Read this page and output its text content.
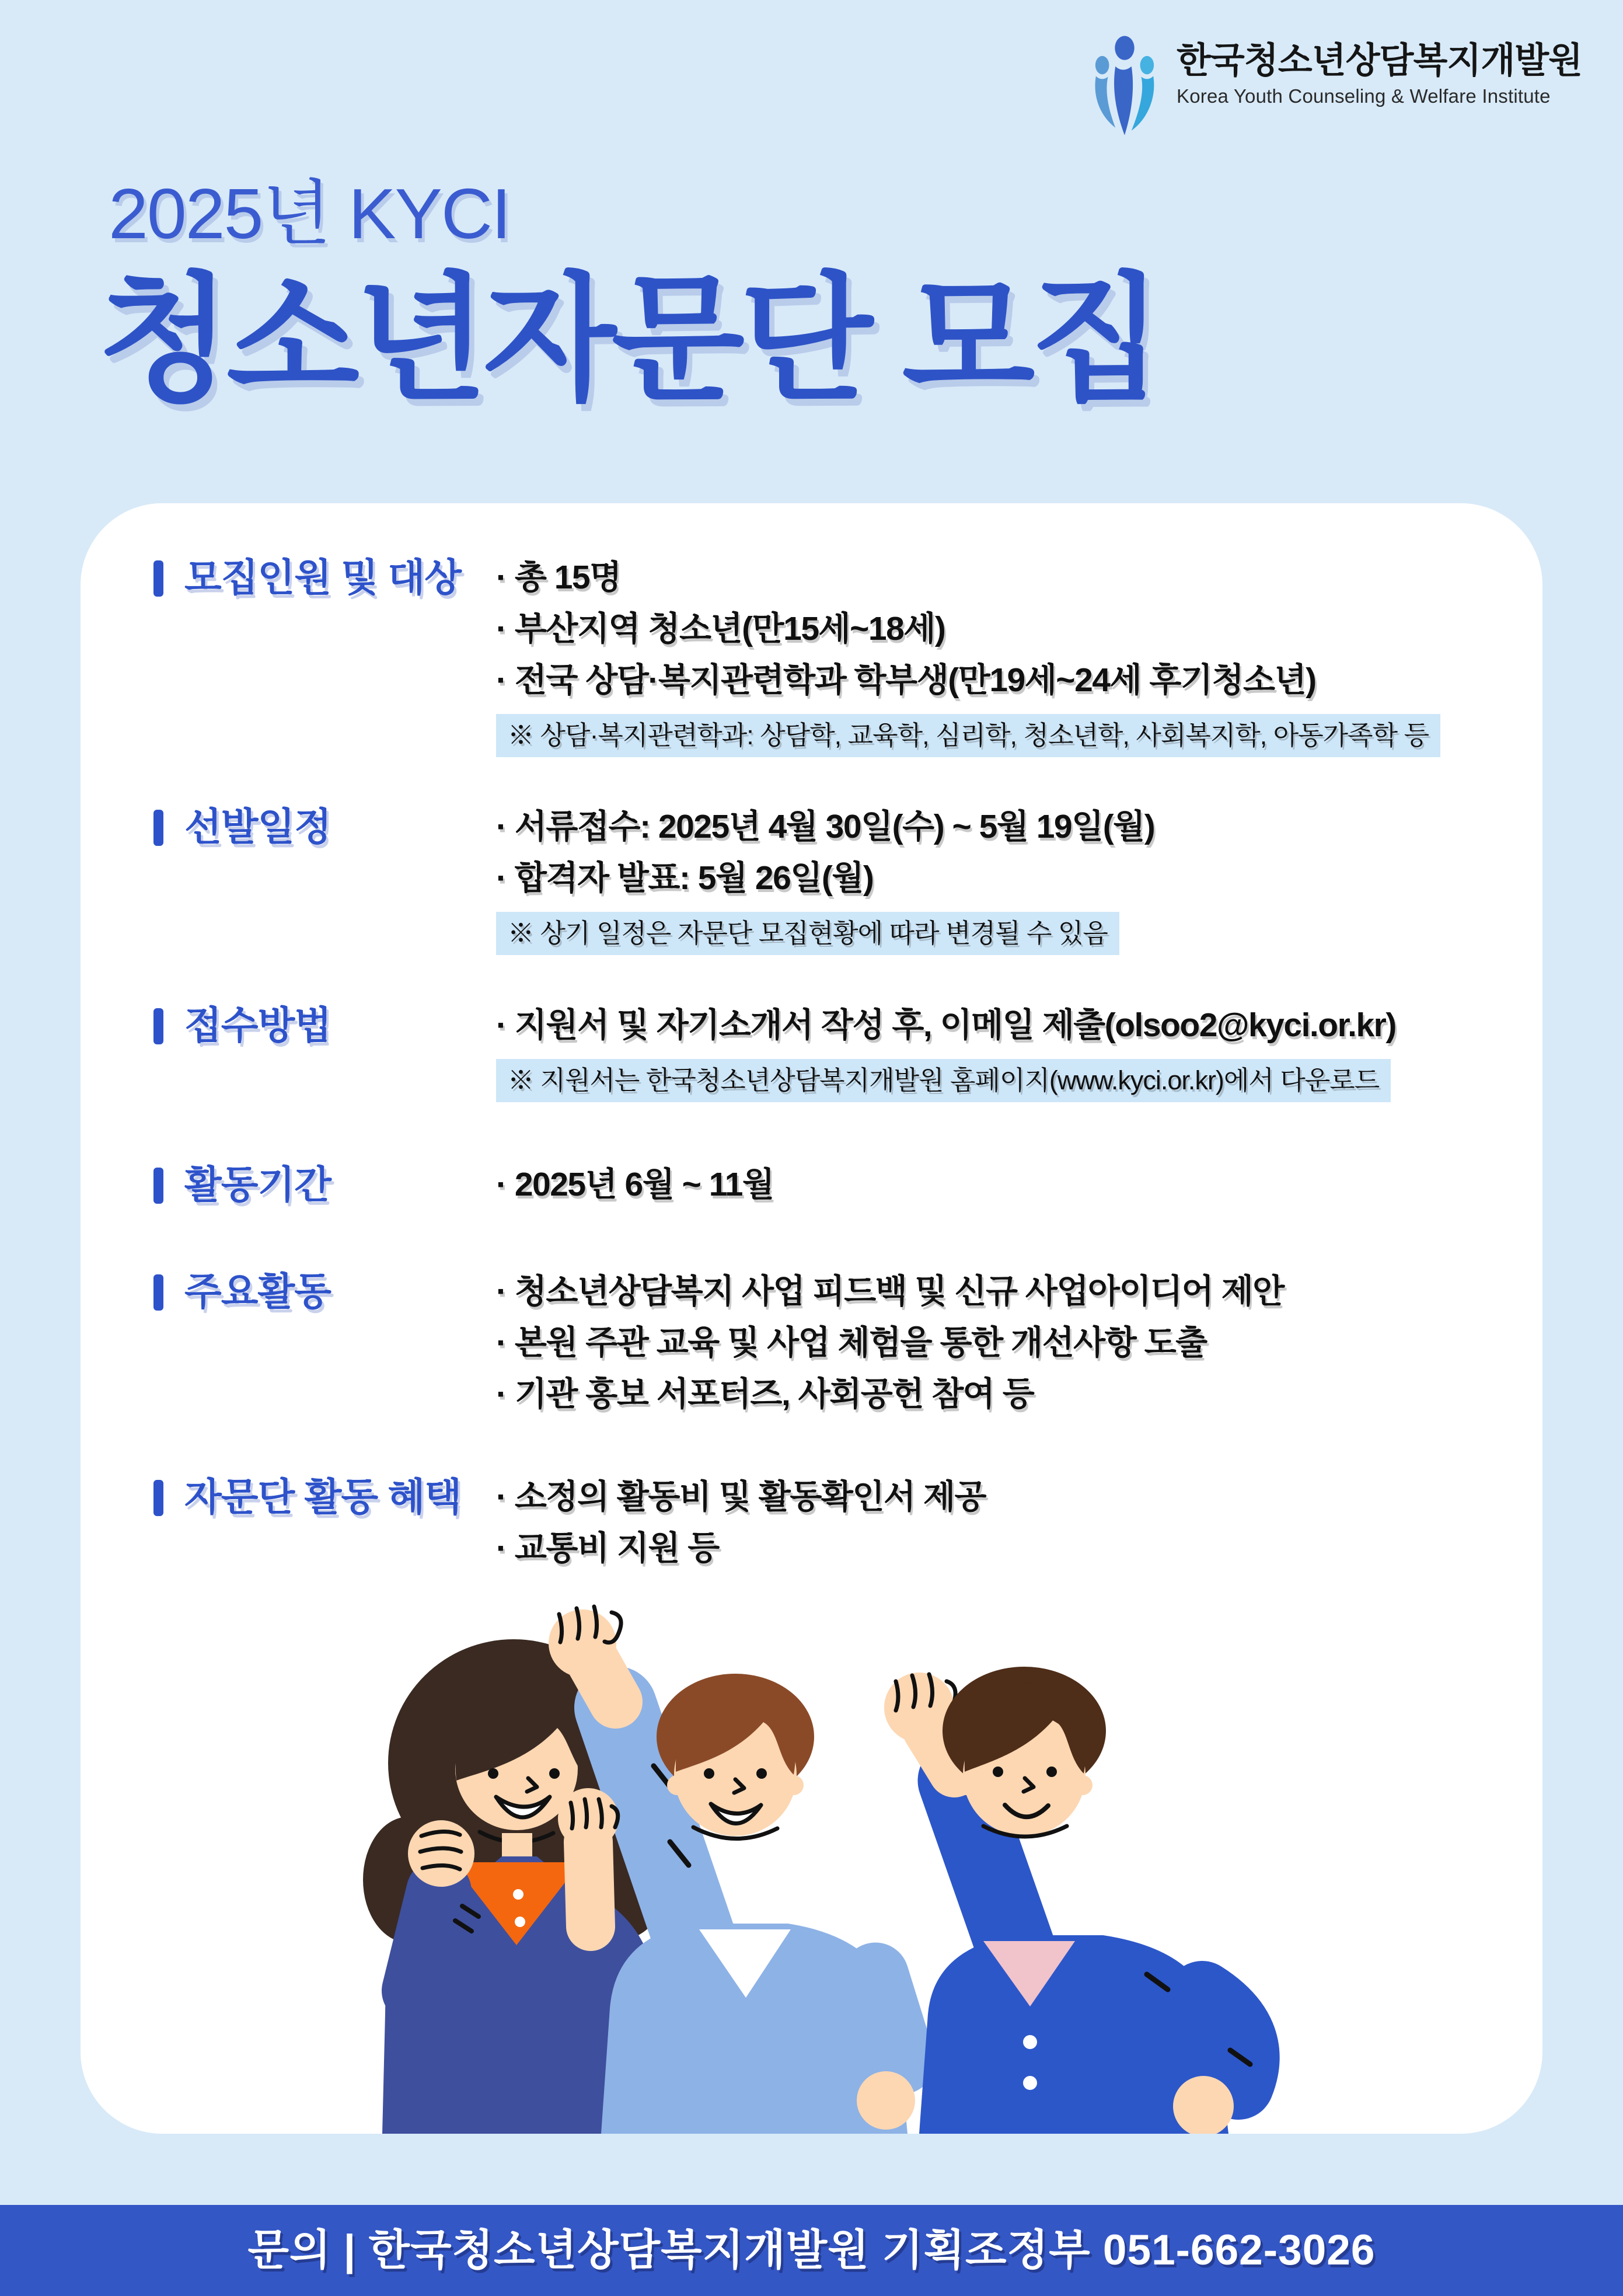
한국청소년상담복지개발원
Korea Youth Counseling & Welfare Institute
2025년 KYCI
청소년자문단 모집
모집인원 및 대상 · 총 15명
· 부산지역 청소년(만15세~18세)
· 전국 상담·복지관련학과 학부생(만19세~24세 후기청소년)
※ 상담·복지관련학과: 상담학, 교육학, 심리학, 청소년학, 사회복지학, 아동가족학 등
선발일정	· 서류접수: 2025년 4월 30일(수) ~ 5월 19일(월)
· 합격자 발표: 5월 26일(월)
※ 상기 일정은 자문단 모집현황에 따라 변경될 수 있음
접수방법	· 지원서 및 자기소개서 작성 후, 이메일 제출(olsoo2@kyci.or.kr)
※ 지원서는 한국청소년상담복지개발원 홈페이지(www.kyci.or.kr)에서 다운로드
활동기간	· 2025년 6월 ~ 11월
주요활동	· 청소년상담복지 사업 피드백 및 신규 사업아이디어 제안
· 본원 주관 교육 및 사업 체험을 통한 개선사항 도출
· 기관 홍보 서포터즈, 사회공헌 참여 등
자문단 활동 혜택 · 소정의 활동비 및 활동확인서 제공
· 교통비 지원 등
문의 | 한국청소년상담복지개발원 기획조정부 051-662-3026
